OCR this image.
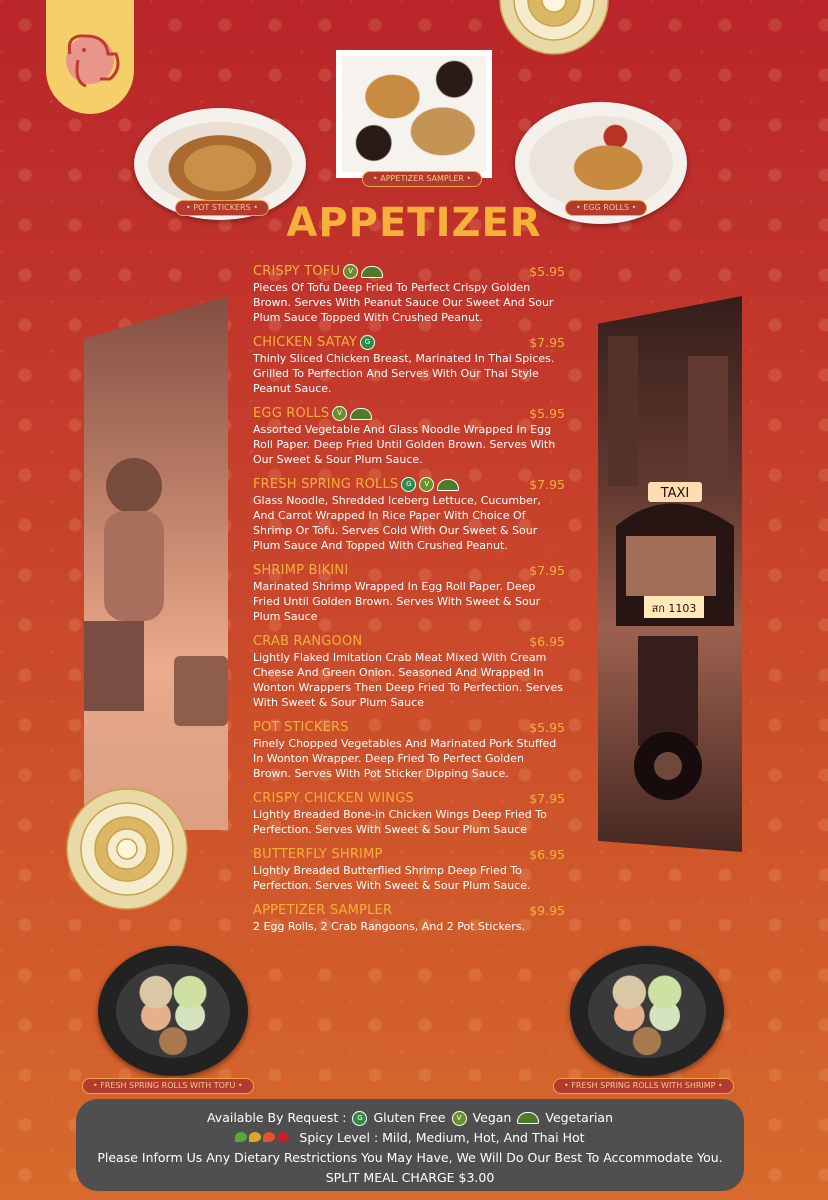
• POT STICKERS •
• APPETIZER SAMPLER •
• EGG ROLLS •
APPETIZER
TAXI
สก 1103
CRISPY TOFU	V	$5.95
Pieces Of Tofu Deep Fried To Perfect Crispy Golden Brown. Serves With Peanut Sauce Our Sweet And Sour Plum Sauce Topped With Crushed Peanut.
CHICKEN SATAY	G	$7.95
Thinly Sliced Chicken Breast, Marinated In Thai Spices. Grilled To Perfection And Serves With Our Thai Style Peanut Sauce.
EGG ROLLS	V	$5.95
Assorted Vegetable And Glass Noodle Wrapped In Egg Roll Paper. Deep Fried Until Golden Brown. Serves With Our Sweet & Sour Plum Sauce.
FRESH SPRING ROLLS	G	V	$7.95
Glass Noodle, Shredded Iceberg Lettuce, Cucumber, And Carrot Wrapped In Rice Paper With Choice Of Shrimp Or Tofu. Serves Cold With Our Sweet & Sour Plum Sauce And Topped With Crushed Peanut.
SHRIMP BIKINI	$7.95
Marinated Shrimp Wrapped In Egg Roll Paper. Deep Fried Until Golden Brown. Serves With Sweet & Sour Plum Sauce
CRAB RANGOON	$6.95
Lightly Flaked Imitation Crab Meat Mixed With Cream Cheese And Green Onion. Seasoned And Wrapped In Wonton Wrappers Then Deep Fried To Perfection. Serves With Sweet & Sour Plum Sauce
POT STICKERS	$5.95
Finely Chopped Vegetables And Marinated Pork Stuffed In Wonton Wrapper. Deep Fried To Perfect Golden Brown. Serves With Pot Sticker Dipping Sauce.
CRISPY CHICKEN WINGS	$7.95
Lightly Breaded Bone-in Chicken Wings Deep Fried To Perfection. Serves With Sweet & Sour Plum Sauce
BUTTERFLY SHRIMP	$6.95
Lightly Breaded Butterflied Shrimp Deep Fried To Perfection. Serves With Sweet & Sour Plum Sauce.
APPETIZER SAMPLER	$9.95
2 Egg Rolls, 2 Crab Rangoons, And 2 Pot Stickers.
• FRESH SPRING ROLLS WITH TOFU •	• FRESH SPRING ROLLS WITH SHRIMP •
Available By Request :	G Gluten Free	V Vegan	Vegetarian

Spicy Level : Mild, Medium, Hot, And Thai Hot
Please Inform Us Any Dietary Restrictions You May Have, We Will Do Our Best To Accommodate You.
SPLIT MEAL CHARGE $3.00
